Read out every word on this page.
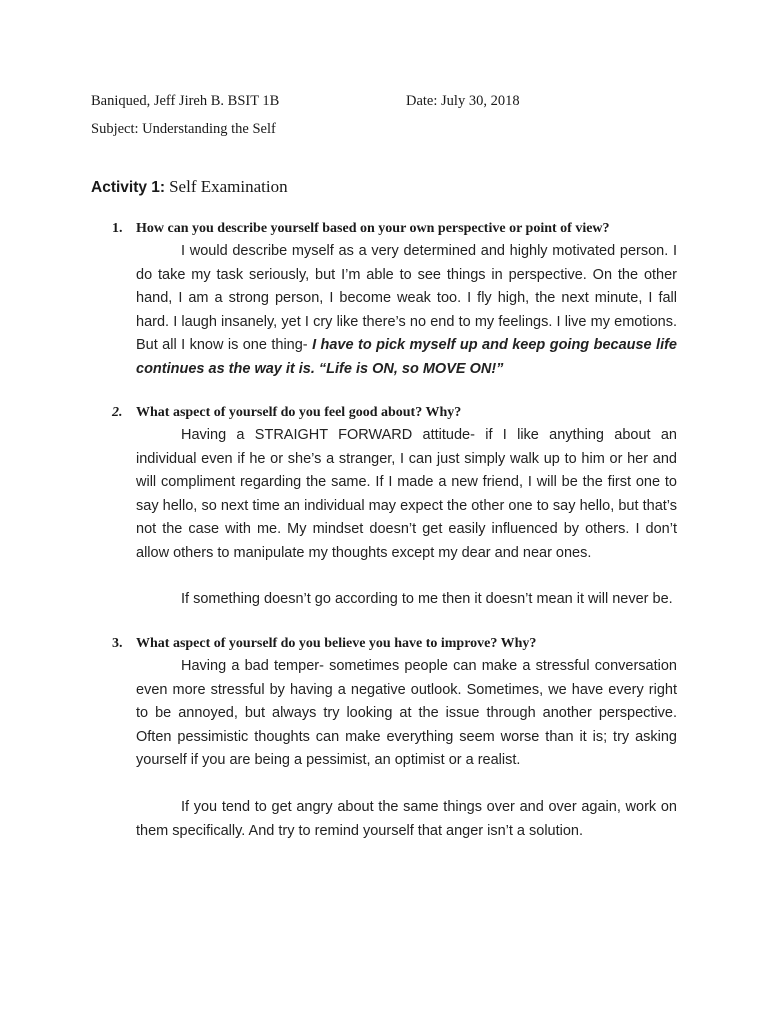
Baniqued, Jeff Jireh B. BSIT 1B	Date: July 30, 2018
Subject: Understanding the Self
Activity 1: Self Examination
1. How can you describe yourself based on your own perspective or point of view?

I would describe myself as a very determined and highly motivated person. I do take my task seriously, but I’m able to see things in perspective. On the other hand, I am a strong person, I become weak too. I fly high, the next minute, I fall hard. I laugh insanely, yet I cry like there’s no end to my feelings. I live my emotions. But all I know is one thing- I have to pick myself up and keep going because life continues as the way it is. “Life is ON, so MOVE ON!”

2. What aspect of yourself do you feel good about? Why?

Having a STRAIGHT FORWARD attitude- if I like anything about an individual even if he or she’s a stranger, I can just simply walk up to him or her and will compliment regarding the same. If I made a new friend, I will be the first one to say hello, so next time an individual may expect the other one to say hello, but that’s not the case with me. My mindset doesn’t get easily influenced by others. I don’t allow others to manipulate my thoughts except my dear and near ones.

If something doesn’t go according to me then it doesn’t mean it will never be.

3. What aspect of yourself do you believe you have to improve? Why?

Having a bad temper- sometimes people can make a stressful conversation even more stressful by having a negative outlook. Sometimes, we have every right to be annoyed, but always try looking at the issue through another perspective. Often pessimistic thoughts can make everything seem worse than it is; try asking yourself if you are being a pessimist, an optimist or a realist.

If you tend to get angry about the same things over and over again, work on them specifically. And try to remind yourself that anger isn’t a solution.
